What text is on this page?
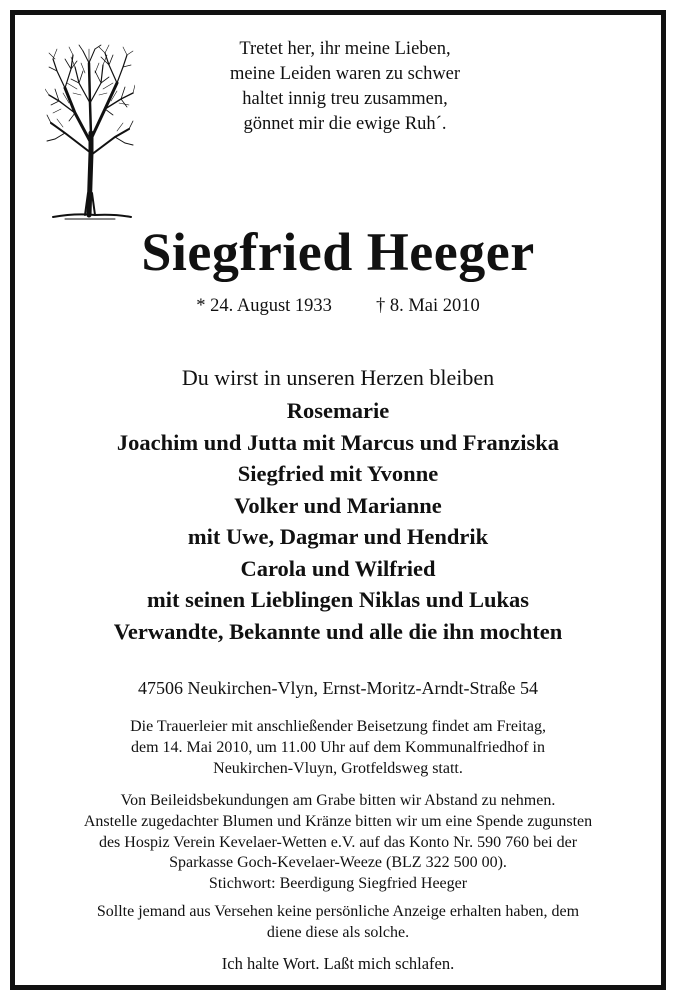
Tretet her, ihr meine Lieben,
meine Leiden waren zu schwer
haltet innig treu zusammen,
gönnet mir die ewige Ruh´.
Siegfried Heeger
* 24. August 1933 † 8. Mai 2010
Du wirst in unseren Herzen bleiben
Rosemarie
Joachim und Jutta mit Marcus und Franziska
Siegfried mit Yvonne
Volker und Marianne
mit Uwe, Dagmar und Hendrik
Carola und Wilfried
mit seinen Lieblingen Niklas und Lukas
Verwandte, Bekannte und alle die ihn mochten
47506 Neukirchen-Vlyn, Ernst-Moritz-Arndt-Straße 54
Die Trauerleier mit anschließender Beisetzung findet am Freitag,
dem 14. Mai 2010, um 11.00 Uhr auf dem Kommunalfriedhof in
Neukirchen-Vluyn, Grotfeldsweg statt.
Von Beileidsbekundungen am Grabe bitten wir Abstand zu nehmen.
Anstelle zugedachter Blumen und Kränze bitten wir um eine Spende zugunsten
des Hospiz Verein Kevelaer-Wetten e.V. auf das Konto Nr. 590 760 bei der
Sparkasse Goch-Kevelaer-Weeze (BLZ 322 500 00).
Stichwort: Beerdigung Siegfried Heeger
Sollte jemand aus Versehen keine persönliche Anzeige erhalten haben, dem
diene diese als solche.
Ich halte Wort. Laßt mich schlafen.
